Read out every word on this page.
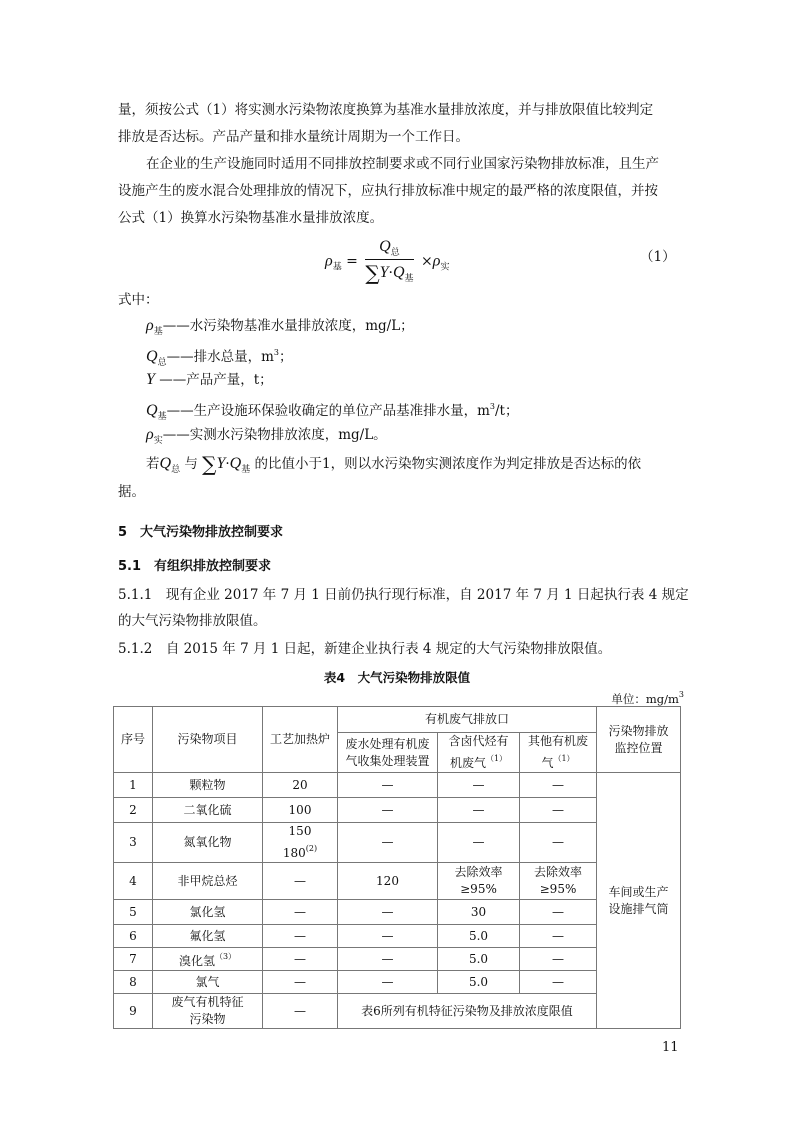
量，须按公式（1）将实测水污染物浓度换算为基准水量排放浓度，并与排放限值比较判定
排放是否达标。产品产量和排水量统计周期为一个工作日。
在企业的生产设施同时适用不同排放控制要求或不同行业国家污染物排放标准，且生产
设施产生的废水混合处理排放的情况下，应执行排放标准中规定的最严格的浓度限值，并按
公式（1）换算水污染物基准水量排放浓度。
$\rho_基 = \frac{Q_总}{\sum Y\cdot Q_基} \times\rho_实$
（1）
式中：
$\rho_基——$水污染物基准水量排放浓度，mg/L；
$Q_总——$排水总量，$m^3$；
Y ——产品产量，t；
$Q_基——$生产设施环保验收确定的单位产品基准排水量，$m^3/t$；
$\rho_实——$实测水污染物排放浓度，mg/L。
若$Q_总$ 与 $\sum Y\cdot Q_基$ 的比值小于1，则以水污染物实测浓度作为判定排放是否达标的依
据。
5　大气污染物排放控制要求
5.1　有组织排放控制要求
5.1.1　现有企业 2017 年 7 月 1 日前仍执行现行标准，自 2017 年 7 月 1 日起执行表 4 规定
的大气污染物排放限值。
5.1.2　自 2015 年 7 月 1 日起，新建企业执行表 4 规定的大气污染物排放限值。
表4　大气污染物排放限值
单位：$mg/m^3$
序号	污染物项目	工艺加热炉	有机废气排放口			污染物排放监控位置
			废水处理有机废气收集处理装置	含卤代烃有机废气$^{(1)}$	其他有机废气$^{(1)}$
1	颗粒物	20	—	—	—	车间或生产设施排气筒
2	二氧化硫	100	—	—	—	
3	氮氧化物	150
180$^{(2)}$	—	—	—	
4	非甲烷总烃	—	120	去除效率≥95%	去除效率≥95%	
5	氯化氢	—	—	30	—	
6	氟化氢	—	—	5.0	—	
7	溴化氢$^{(3)}$	—	—	5.0	—	
8	氯气	—	—	5.0	—	
9	废气有机特征污染物	—	表6所列有机特征污染物及排放浓度限值			
11
